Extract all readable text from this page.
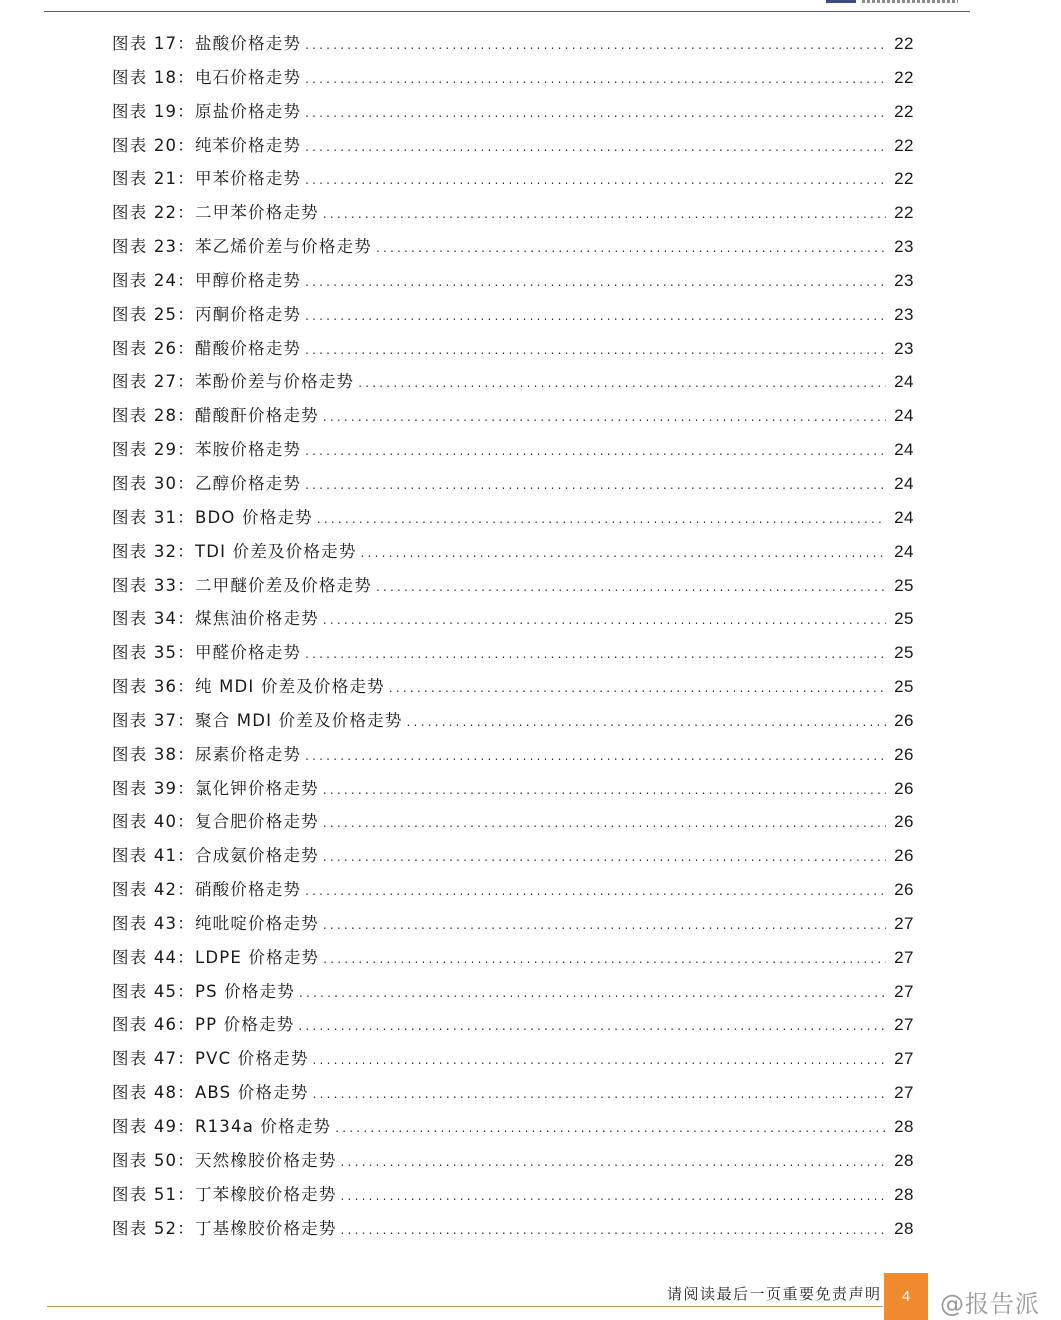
图表 17：盐酸价格走势 .....	22
图表 18：电石价格走势 .....	22
图表 19：原盐价格走势 .....	22
图表 20：纯苯价格走势 .....	22
图表 21：甲苯价格走势 .....	22
图表 22：二甲苯价格走势 .....	22
图表 23：苯乙烯价差与价格走势 .....	23
图表 24：甲醇价格走势 .....	23
图表 25：丙酮价格走势 .....	23
图表 26：醋酸价格走势 .....	23
图表 27：苯酚价差与价格走势 .....	24
图表 28：醋酸酐价格走势 .....	24
图表 29：苯胺价格走势 .....	24
图表 30：乙醇价格走势 .....	24
图表 31：BDO 价格走势 .....	24
图表 32：TDI 价差及价格走势 .....	24
图表 33：二甲醚价差及价格走势 .....	25
图表 34：煤焦油价格走势 .....	25
图表 35：甲醛价格走势 .....	25
图表 36：纯 MDI 价差及价格走势 .....	25
图表 37：聚合 MDI 价差及价格走势 .....	26
图表 38：尿素价格走势 .....	26
图表 39：氯化钾价格走势 .....	26
图表 40：复合肥价格走势 .....	26
图表 41：合成氨价格走势 .....	26
图表 42：硝酸价格走势 .....	26
图表 43：纯吡啶价格走势 .....	27
图表 44：LDPE 价格走势 .....	27
图表 45：PS 价格走势 .....	27
图表 46：PP 价格走势 .....	27
图表 47：PVC 价格走势 .....	27
图表 48：ABS 价格走势 .....	27
图表 49：R134a 价格走势 .....	28
图表 50：天然橡胶价格走势 .....	28
图表 51：丁苯橡胶价格走势 .....	28
图表 52：丁基橡胶价格走势 .....	28
请阅读最后一页重要免责声明	4	@报告派
